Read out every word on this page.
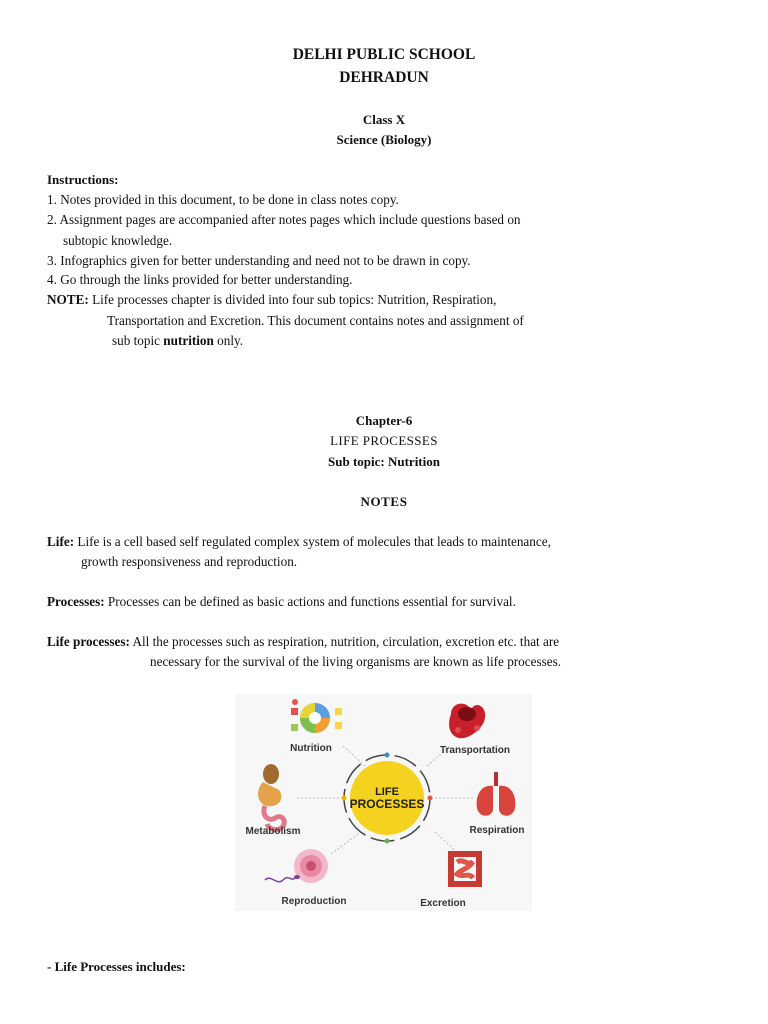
DELHI PUBLIC SCHOOL
DEHRADUN
Class X
Science (Biology)
Instructions:
1. Notes provided in this document, to be done in class notes copy.
2. Assignment pages are accompanied after notes pages which include questions based on
subtopic knowledge.
3. Infographics given for better understanding and need not to be drawn in copy.
4. Go through the links provided for better understanding.
NOTE: Life processes chapter is divided into four sub topics: Nutrition, Respiration,
Transportation and Excretion. This document contains notes and assignment of
sub topic nutrition only.
Chapter-6
LIFE PROCESSES
Sub topic: Nutrition
NOTES
Life: Life is a cell based self regulated complex system of molecules that leads to maintenance,
growth responsiveness and reproduction.
Processes: Processes can be defined as basic actions and functions essential for survival.
Life processes: All the processes such as respiration, nutrition, circulation, excretion etc. that are
necessary for the survival of the living organisms are known as life processes.
LIFE
PROCESSES
Nutrition	Transportation
Metabolism	Respiration
Reproduction	Excretion
- Life Processes includes:
